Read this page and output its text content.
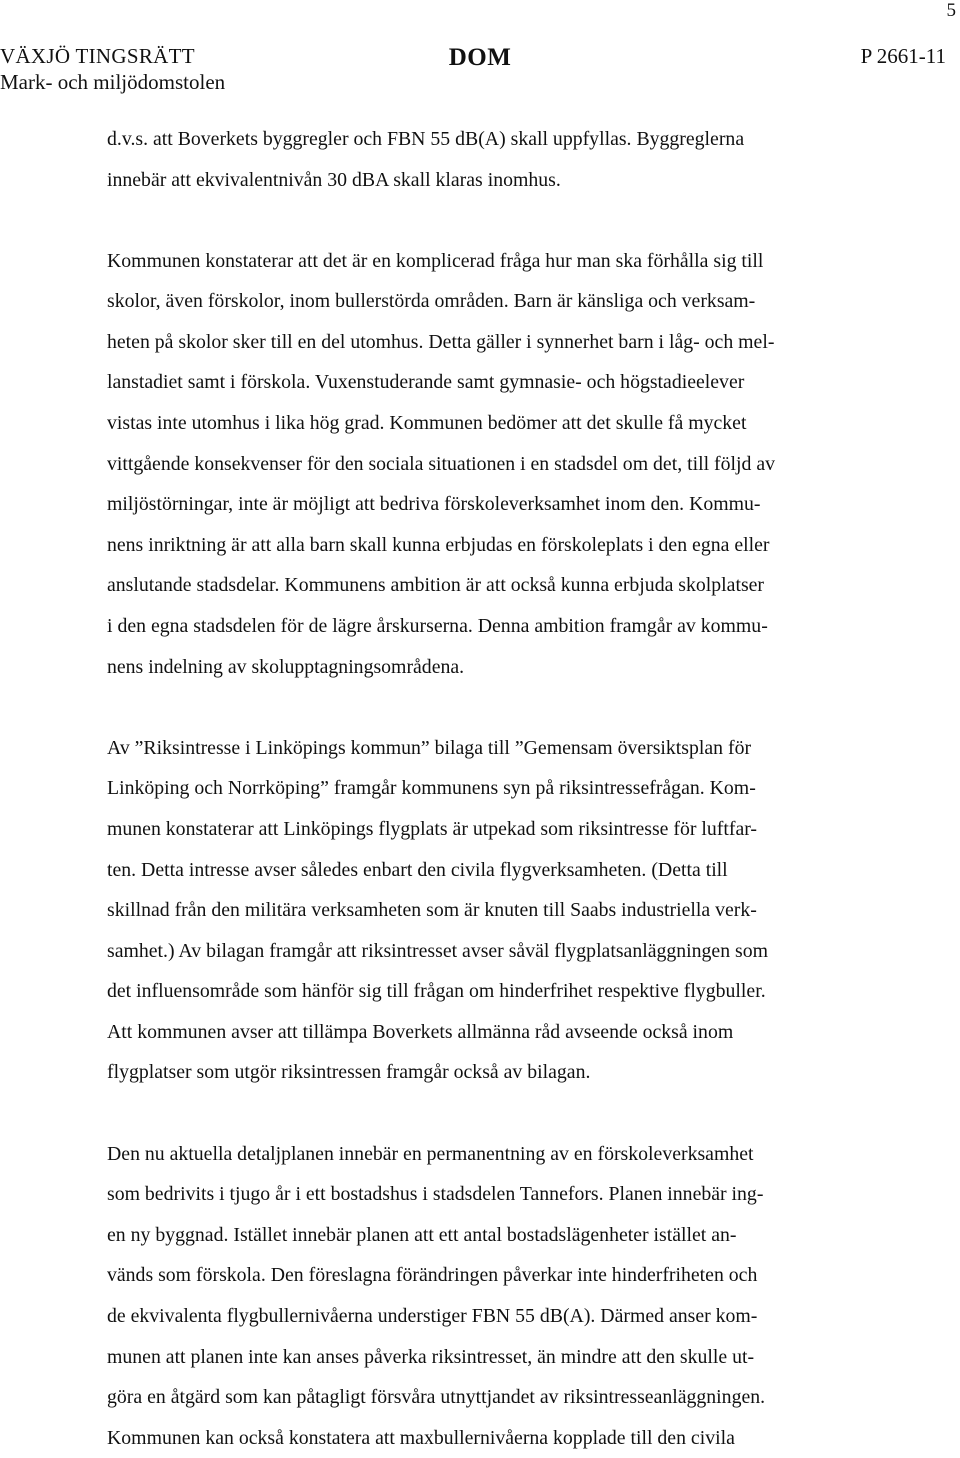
5
VÄXJÖ TINGSRÄTT
Mark- och miljödomstolen
DOM	P 2661-11

d.v.s. att Boverkets byggregler och FBN 55 dB(A) skall uppfyllas. Byggreglerna
innebär att ekvivalentnivån 30 dBA skall klaras inomhus.

Kommunen konstaterar att det är en komplicerad fråga hur man ska förhålla sig till
skolor, även förskolor, inom bullerstörda områden. Barn är känsliga och verksam-
heten på skolor sker till en del utomhus. Detta gäller i synnerhet barn i låg- och mel-
lanstadiet samt i förskola. Vuxenstuderande samt gymnasie- och högstadieelever
vistas inte utomhus i lika hög grad. Kommunen bedömer att det skulle få mycket
vittgående konsekvenser för den sociala situationen i en stadsdel om det, till följd av
miljöstörningar, inte är möjligt att bedriva förskoleverksamhet inom den. Kommu-
nens inriktning är att alla barn skall kunna erbjudas en förskoleplats i den egna eller
anslutande stadsdelar. Kommunens ambition är att också kunna erbjuda skolplatser
i den egna stadsdelen för de lägre årskurserna. Denna ambition framgår av kommu-
nens indelning av skolupptagningsområdena.

Av ”Riksintresse i Linköpings kommun” bilaga till ”Gemensam översiktsplan för
Linköping och Norrköping” framgår kommunens syn på riksintressefrågan. Kom-
munen konstaterar att Linköpings flygplats är utpekad som riksintresse för luftfar-
ten. Detta intresse avser således enbart den civila flygverksamheten. (Detta till
skillnad från den militära verksamheten som är knuten till Saabs industriella verk-
samhet.) Av bilagan framgår att riksintresset avser såväl flygplatsanläggningen som
det influensområde som hänför sig till frågan om hinderfrihet respektive flygbuller.
Att kommunen avser att tillämpa Boverkets allmänna råd avseende också inom
flygplatser som utgör riksintressen framgår också av bilagan.

Den nu aktuella detaljplanen innebär en permanentning av en förskoleverksamhet
som bedrivits i tjugo år i ett bostadshus i stadsdelen Tannefors. Planen innebär ing-
en ny byggnad. Istället innebär planen att ett antal bostadslägenheter istället an-
vänds som förskola. Den föreslagna förändringen påverkar inte hinderfriheten och
de ekvivalenta flygbullernivåerna understiger FBN 55 dB(A). Därmed anser kom-
munen att planen inte kan anses påverka riksintresset, än mindre att den skulle ut-
göra en åtgärd som kan påtagligt försvåra utnyttjandet av riksintresseanläggningen.
Kommunen kan också konstatera att maxbullernivåerna kopplade till den civila
